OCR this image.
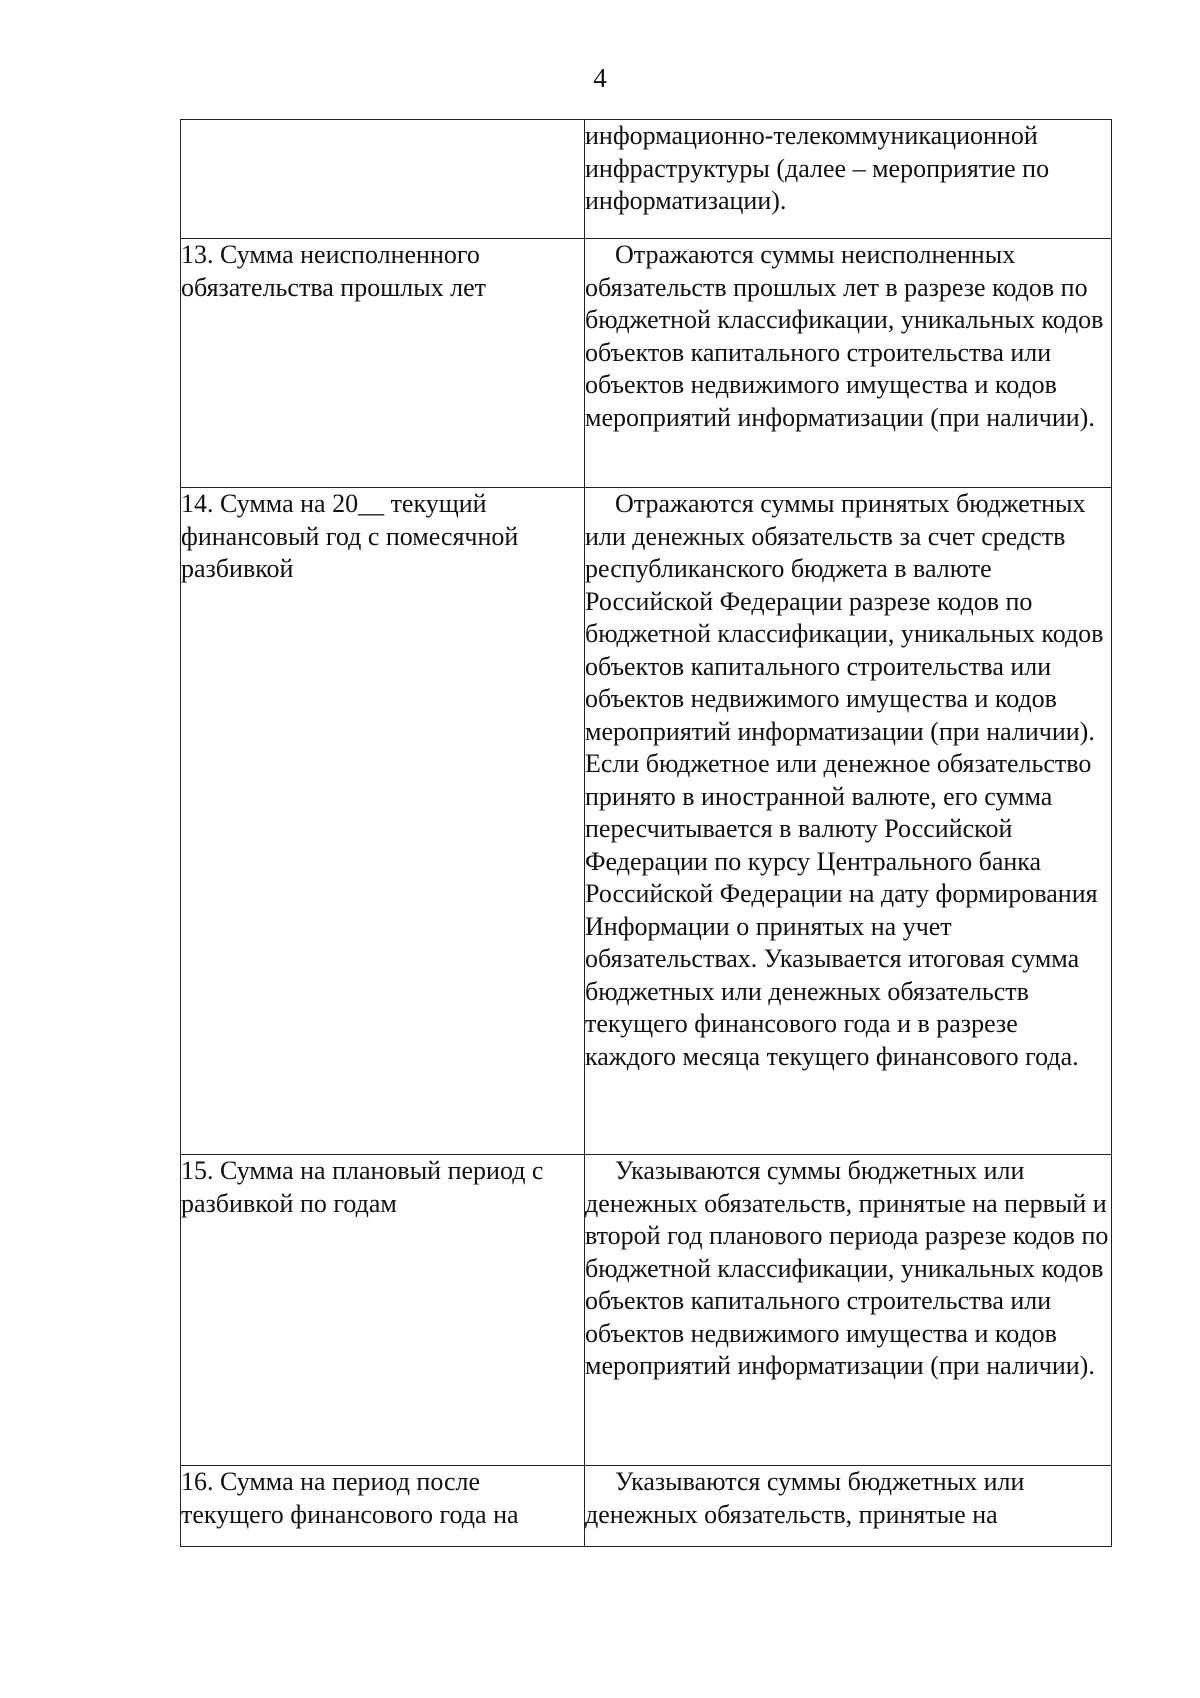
4

	информационно-телекоммуникационной инфраструктуры (далее – мероприятие по информатизации).

13. Сумма неисполненного обязательства прошлых лет	Отражаются суммы неисполненных обязательств прошлых лет в разрезе кодов по бюджетной классификации, уникальных кодов объектов капитального строительства или объектов недвижимого имущества и кодов мероприятий информатизации (при наличии).

14. Сумма на 20__ текущий финансовый год с помесячной разбивкой	Отражаются суммы принятых бюджетных или денежных обязательств за счет средств республиканского бюджета в валюте Российской Федерации разрезе кодов по бюджетной классификации, уникальных кодов объектов капитального строительства или объектов недвижимого имущества и кодов мероприятий информатизации (при наличии). Если бюджетное или денежное обязательство принято в иностранной валюте, его сумма пересчитывается в валюту Российской Федерации по курсу Центрального банка Российской Федерации на дату формирования Информации о принятых на учет обязательствах. Указывается итоговая сумма бюджетных или денежных обязательств текущего финансового года и в разрезе каждого месяца текущего финансового года.

15. Сумма на плановый период с разбивкой по годам	Указываются суммы бюджетных или денежных обязательств, принятые на первый и второй год планового периода разрезе кодов по бюджетной классификации, уникальных кодов объектов капитального строительства или объектов недвижимого имущества и кодов мероприятий информатизации (при наличии).

16. Сумма на период после текущего финансового года на	Указываются суммы бюджетных или денежных обязательств, принятые на
